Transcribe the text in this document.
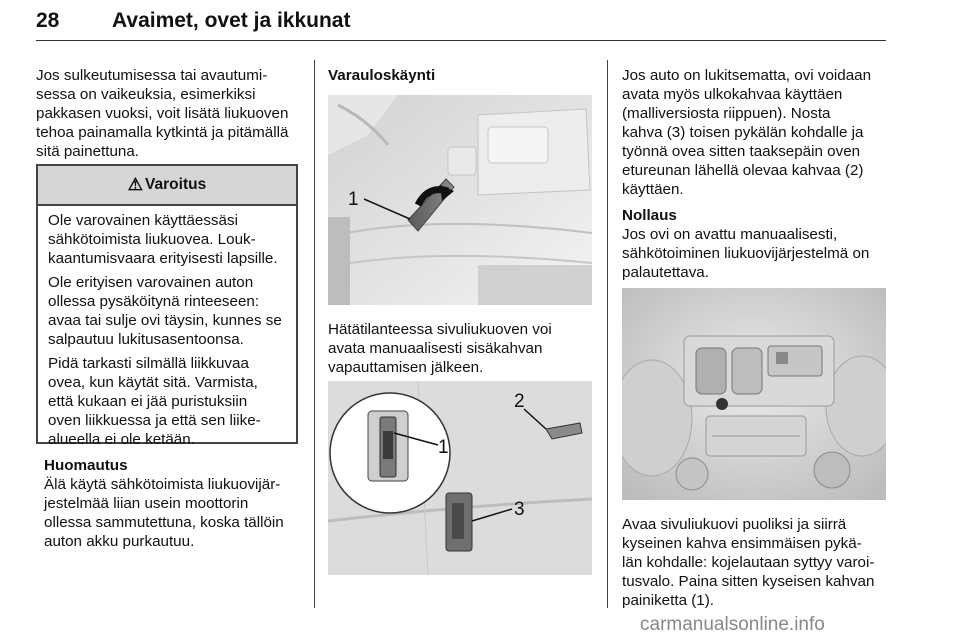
28	Avaimet, ovet ja ikkunat

Jos sulkeutumisessa tai avautumi-
sessa on vaikeuksia, esimerkiksi
pakkasen vuoksi, voit lisätä liukuoven
tehoa painamalla kytkintä ja pitämällä
sitä painettuna.

⚠ Varoitus

Ole varovainen käyttäessäsi
sähkötoimista liukuovea. Louk-
kaantumisvaara erityisesti lapsille.

Ole erityisen varovainen auton
ollessa pysäköitynä rinteeseen:
avaa tai sulje ovi täysin, kunnes se
salpautuu lukitusasentoonsa.

Pidä tarkasti silmällä liikkuvaa
ovea, kun käytät sitä. Varmista,
että kukaan ei jää puristuksiin
oven liikkuessa ja että sen liike-
alueella ei ole ketään.

Huomautus

Älä käytä sähkötoimista liukuovijär-
jestelmää liian usein moottorin
ollessa sammutettuna, koska tällöin
auton akku purkautuu.

Varauloskäynti

1

Hätätilanteessa sivuliukuoven voi
avata manuaalisesti sisäkahvan
vapauttamisen jälkeen.

2
1
3

Jos auto on lukitsematta, ovi voidaan
avata myös ulkokahvaa käyttäen
(malliversiosta riippuen). Nosta
kahva (3) toisen pykälän kohdalle ja
työnnä ovea sitten taaksepäin oven
etureunan lähellä olevaa kahvaa (2)
käyttäen.

Nollaus

Jos ovi on avattu manuaalisesti,
sähkötoiminen liukuovijärjestelmä on
palautettava.

Avaa sivuliukuovi puoliksi ja siirrä
kyseinen kahva ensimmäisen pykä-
län kohdalle: kojelautaan syttyy varoi-
tusvalo. Paina sitten kyseisen kahvan
painiketta (1).

carmanualsonline.info
